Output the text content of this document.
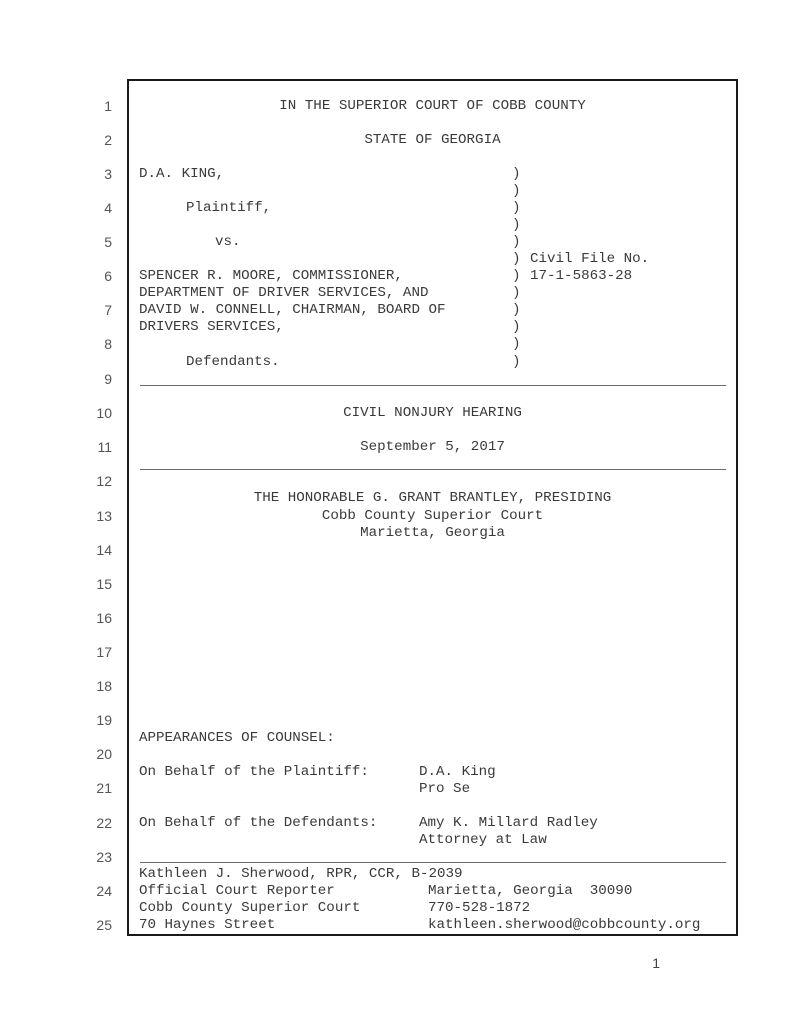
1
2
3
4
5
6
7
8
9
10
11
12
13
14
15
16
17
18
19
20
21
22
23
24
25
IN THE SUPERIOR COURT OF COBB COUNTY
STATE OF GEORGIA
D.A. KING,
Plaintiff,
vs.
SPENCER R. MOORE, COMMISSIONER,
DEPARTMENT OF DRIVER SERVICES, AND
DAVID W. CONNELL, CHAIRMAN, BOARD OF
DRIVERS SERVICES,
Defendants.
)
)
)
)
)
)
)
)
)
)
)
)
Civil File No.
17-1-5863-28
CIVIL NONJURY HEARING
September 5, 2017
THE HONORABLE G. GRANT BRANTLEY, PRESIDING
Cobb County Superior Court
Marietta, Georgia
APPEARANCES OF COUNSEL:
On Behalf of the Plaintiff:	D.A. King
Pro Se
On Behalf of the Defendants:	Amy K. Millard Radley
Attorney at Law
Kathleen J. Sherwood, RPR, CCR, B-2039
Official Court Reporter
Cobb County Superior Court
70 Haynes Street
Marietta, Georgia  30090
770-528-1872
kathleen.sherwood@cobbcounty.org
1
